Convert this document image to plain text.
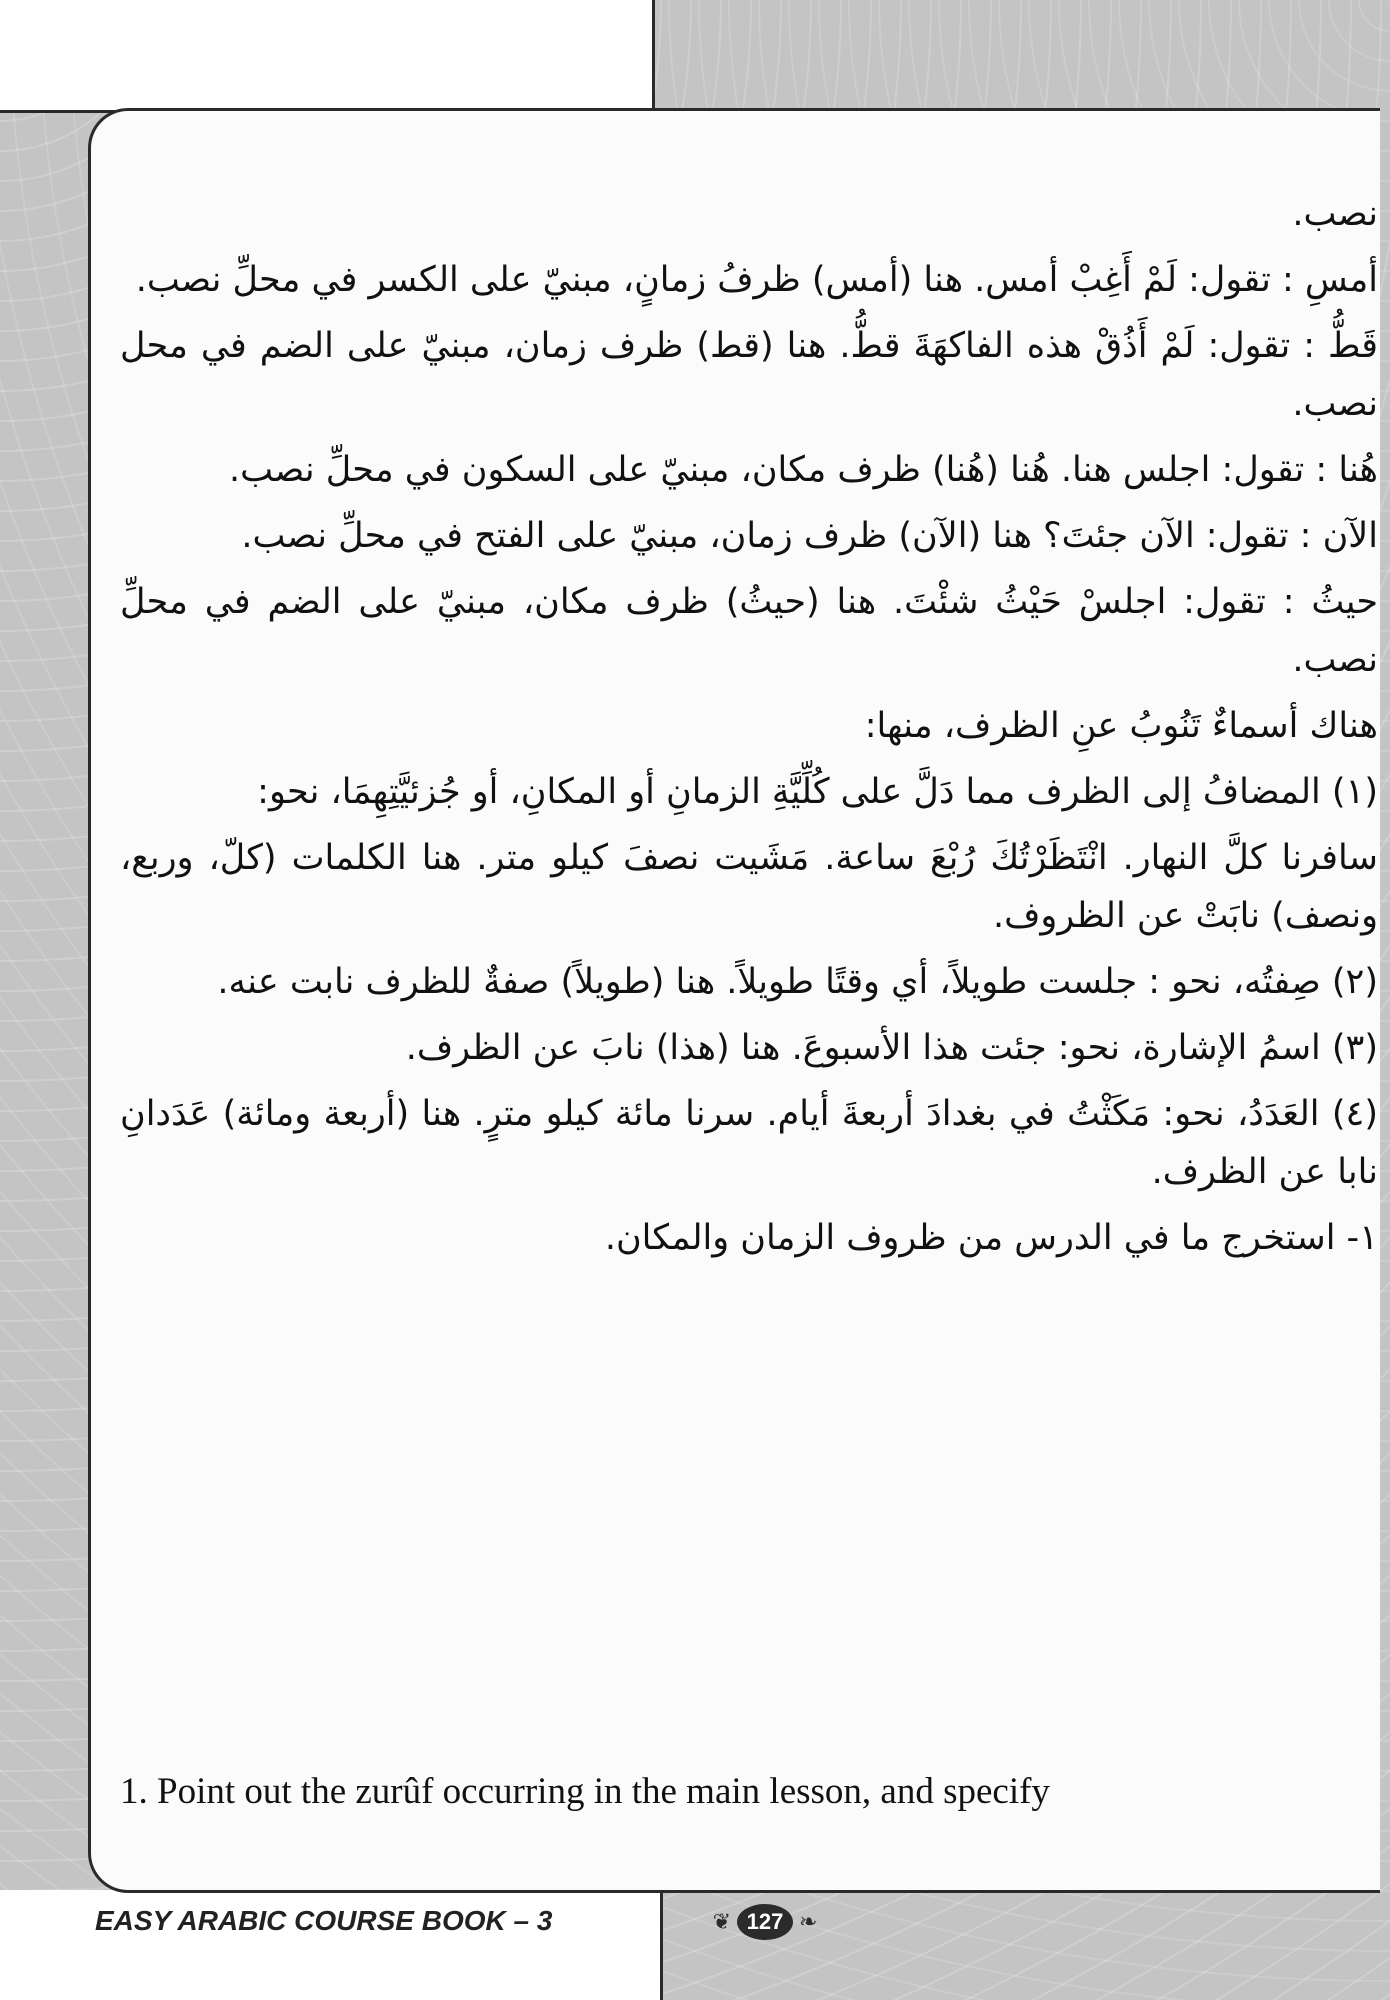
نصب.

أمسِ : تقول: لَمْ أَغِبْ أمس. هنا (أمس) ظرفُ زمانٍ، مبنيّ على الكسر في محلِّ نصب.

قَطُّ : تقول: لَمْ أَذُقْ هذه الفاكهَةَ قطُّ. هنا (قط) ظرف زمان، مبنيّ على الضم في محل نصب.

هُنا : تقول: اجلس هنا. هُنا (هُنا) ظرف مكان، مبنيّ على السكون في محلِّ نصب.

الآن : تقول: الآن جئتَ؟ هنا (الآن) ظرف زمان، مبنيّ على الفتح في محلِّ نصب.

حيثُ : تقول: اجلسْ حَيْثُ شئْتَ. هنا (حيثُ) ظرف مكان، مبنيّ على الضم في محلِّ نصب.

هناك أسماءٌ تَنُوبُ عنِ الظرف، منها:

(١) المضافُ إلى الظرف مما دَلَّ على كُلِّيَّةِ الزمانِ أو المكانِ، أو جُزئيَّتِهِمَا، نحو:

سافرنا كلَّ النهار. انْتَظَرْتُكَ رُبْعَ ساعة. مَشَيت نصفَ كيلو متر. هنا الكلمات (كلّ، وربع، ونصف) نابَتْ عن الظروف.

(٢) صِفتُه، نحو : جلست طويلاً، أي وقتًا طويلاً. هنا (طويلاً) صفةٌ للظرف نابت عنه.

(٣) اسمُ الإشارة، نحو: جئت هذا الأسبوعَ. هنا (هذا) نابَ عن الظرف.

(٤) العَدَدُ، نحو: مَكَثْتُ في بغدادَ أربعةَ أيام. سرنا مائة كيلو مترٍ. هنا (أربعة ومائة) عَدَدانِ نابا عن الظرف.

١- استخرج ما في الدرس من ظروف الزمان والمكان.

1. Point out the zurûf occurring in the main lesson, and specify
EASY ARABIC COURSE BOOK – 3	❦ 127 ❧
